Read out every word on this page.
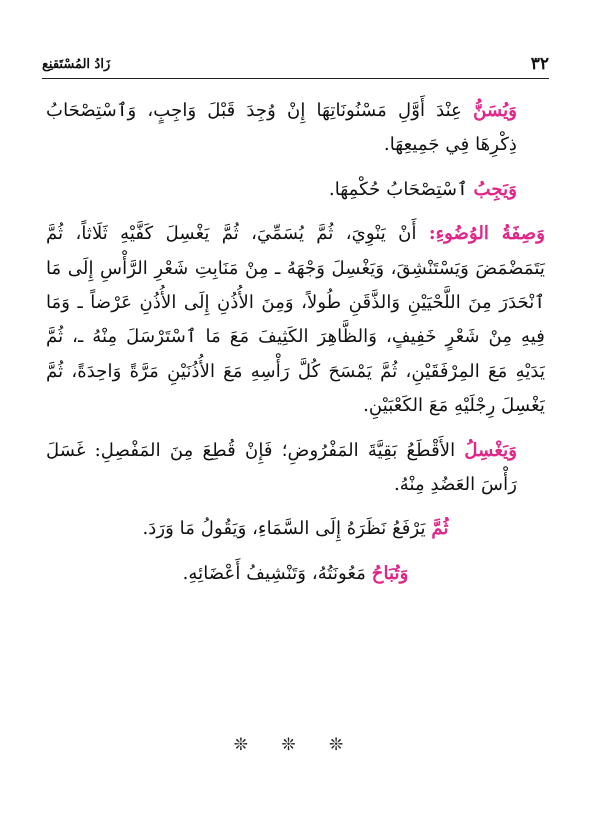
٣٢
زَادُ المُسْتَقنِع

وَيُسَنُّ عِنْدَ أَوَّلِ مَسْنُونَاتِهَا إِنْ وُجِدَ قَبْلَ وَاجِبٍ، وَٱسْتِصْحَابُ ذِكْرِهَا فِي جَمِيعِهَا.

وَيَجِبُ ٱسْتِصْحَابُ حُكْمِهَا.

وَصِفَةُ الوُضُوءِ: أَنْ يَنْوِيَ، ثُمَّ يُسَمِّيَ، ثُمَّ يَغْسِلَ كَفَّيْهِ ثَلَاثاً، ثُمَّ يَتَمَضْمَضَ وَيَسْتَنْشِقَ، وَيَغْسِلَ وَجْهَهُ ـ مِنْ مَنَابِتِ شَعْرِ الرَّأْسِ إِلَى مَا ٱنْحَدَرَ مِنَ اللَّحْيَيْنِ وَالذَّقَنِ طُولاً، وَمِنَ الأُذُنِ إِلَى الأُذُنِ عَرْضاً ـ وَمَا فِيهِ مِنْ شَعْرٍ خَفِيفٍ، وَالظَّاهِرَ الكَثِيفَ مَعَ مَا ٱسْتَرْسَلَ مِنْهُ ـ، ثُمَّ يَدَيْهِ مَعَ المِرْفَقَيْنِ، ثُمَّ يَمْسَحَ كُلَّ رَأْسِهِ مَعَ الأُذُنَيْنِ مَرَّةً وَاحِدَةً، ثُمَّ يَغْسِلَ رِجْلَيْهِ مَعَ الكَعْبَيْنِ.

وَيَغْسِلُ الأَقْطَعُ بَقِيَّةَ المَفْرُوضِ؛ فَإِنْ قُطِعَ مِنَ المَفْصِلِ: غَسَلَ رَأْسَ العَضُدِ مِنْهُ.

ثُمَّ يَرْفَعُ نَظَرَهُ إِلَى السَّمَاءِ، وَيَقُولُ مَا وَرَدَ.

وَتُبَاحُ مَعُونَتُهُ، وَتَنْشِيفُ أَعْضَائِهِ.

❊ ❊ ❊
